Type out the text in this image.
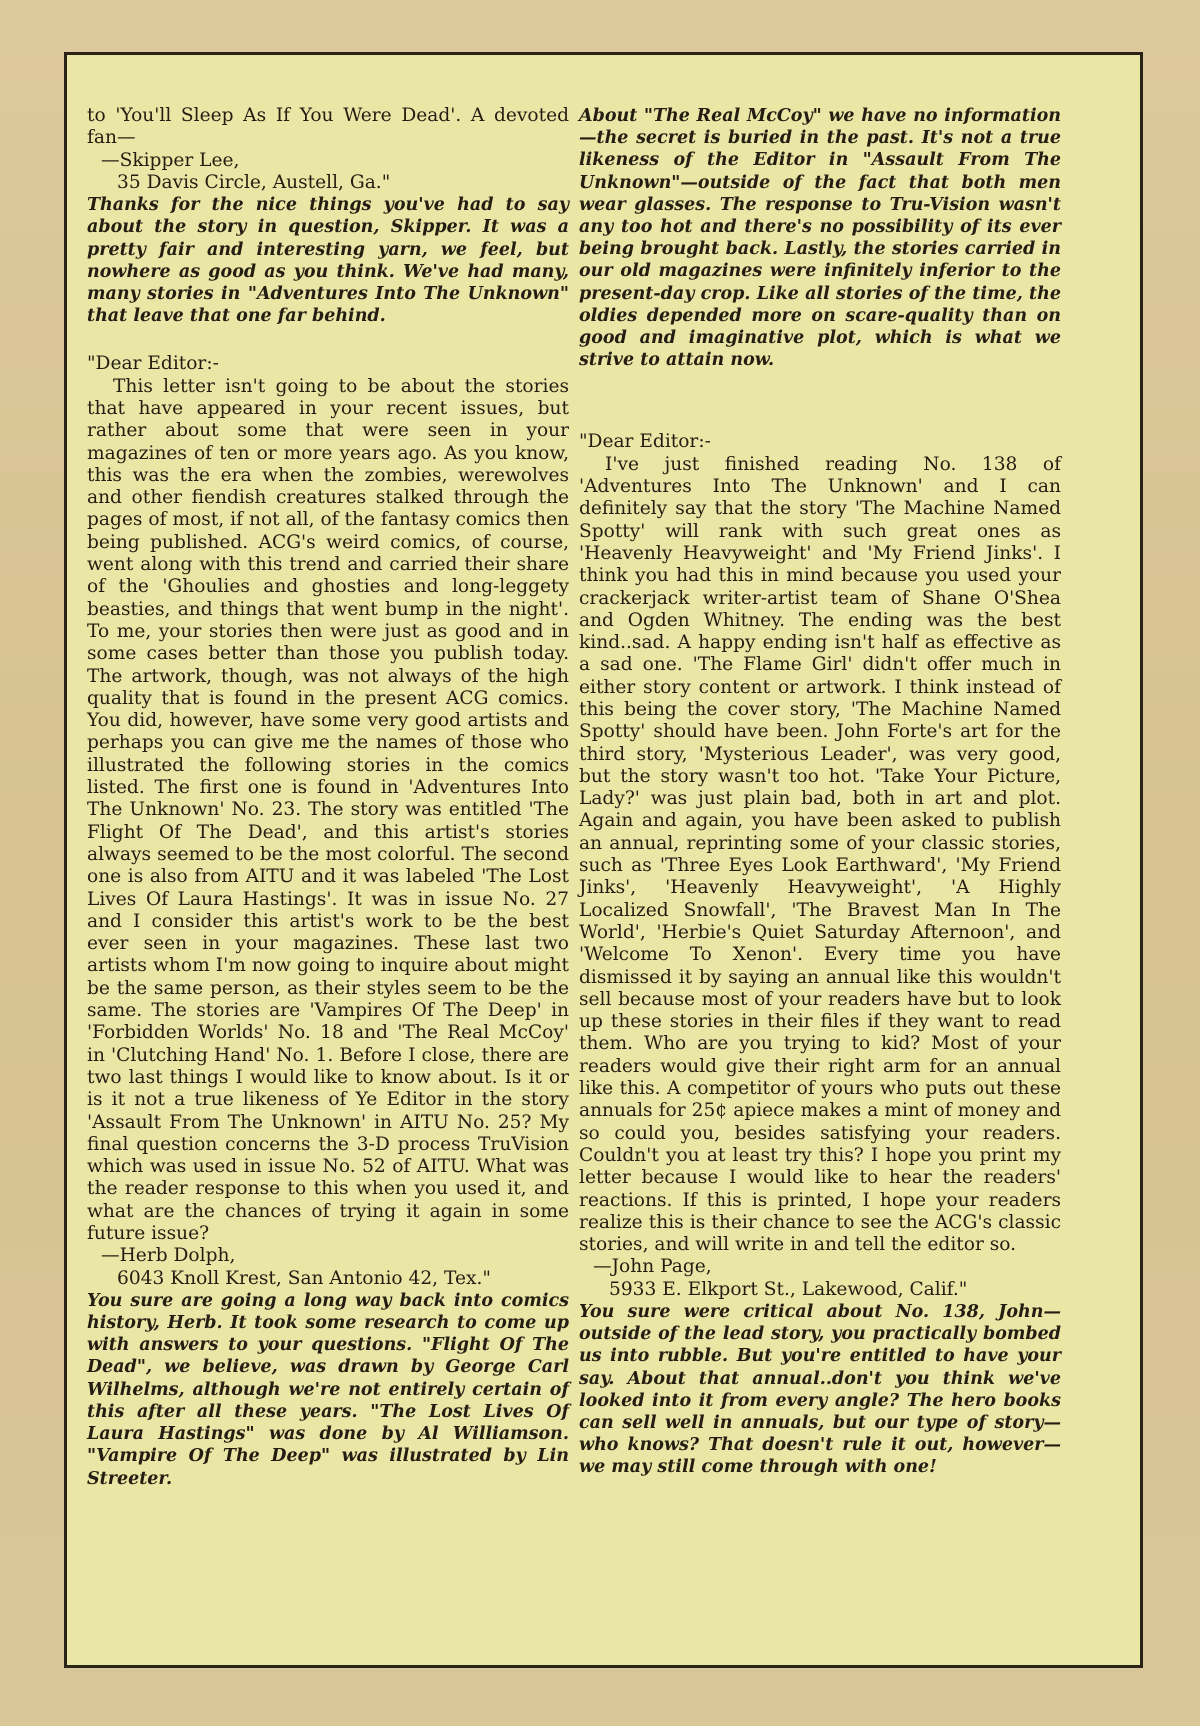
to 'You'll Sleep As If You Were Dead'. A devoted fan—

—Skipper Lee,

35 Davis Circle, Austell, Ga."

Thanks for the nice things you've had to say about the story in question, Skipper. It was a pretty fair and interesting yarn, we feel, but nowhere as good as you think. We've had many, many stories in "Adventures Into The Unknown" that leave that one far behind.

"Dear Editor:-

This letter isn't going to be about the stories that have appeared in your recent issues, but rather about some that were seen in your magazines of ten or more years ago. As you know, this was the era when the zombies, werewolves and other fiendish creatures stalked through the pages of most, if not all, of the fantasy comics then being published. ACG's weird comics, of course, went along with this trend and carried their share of the 'Ghoulies and ghosties and long-leggety beasties, and things that went bump in the night'. To me, your stories then were just as good and in some cases better than those you publish today. The artwork, though, was not always of the high quality that is found in the present ACG comics. You did, however, have some very good artists and perhaps you can give me the names of those who illustrated the following stories in the comics listed. The first one is found in 'Adventures Into The Unknown' No. 23. The story was entitled 'The Flight Of The Dead', and this artist's stories always seemed to be the most colorful. The second one is also from AITU and it was labeled 'The Lost Lives Of Laura Hastings'. It was in issue No. 27 and I consider this artist's work to be the best ever seen in your magazines. These last two artists whom I'm now going to inquire about might be the same person, as their styles seem to be the same. The stories are 'Vampires Of The Deep' in 'Forbidden Worlds' No. 18 and 'The Real McCoy' in 'Clutching Hand' No. 1. Before I close, there are two last things I would like to know about. Is it or is it not a true likeness of Ye Editor in the story 'Assault From The Unknown' in AITU No. 25? My final question concerns the 3-D process TruVision which was used in issue No. 52 of AITU. What was the reader response to this when you used it, and what are the chances of trying it again in some future issue?

—Herb Dolph,

6043 Knoll Krest, San Antonio 42, Tex."

You sure are going a long way back into comics history, Herb. It took some research to come up with answers to your questions. "Flight Of The Dead", we believe, was drawn by George Carl Wilhelms, although we're not entirely certain of this after all these years. "The Lost Lives Of Laura Hastings" was done by Al Williamson. "Vampire Of The Deep" was illustrated by Lin Streeter.

About "The Real McCoy" we have no information—the secret is buried in the past. It's not a true likeness of the Editor in "Assault From The Unknown"—outside of the fact that both men wear glasses. The response to Tru-Vision wasn't any too hot and there's no possibility of its ever being brought back. Lastly, the stories carried in our old magazines were infinitely inferior to the present-day crop. Like all stories of the time, the oldies depended more on scare-quality than on good and imaginative plot, which is what we strive to attain now.

"Dear Editor:-

I've just finished reading No. 138 of 'Adventures Into The Unknown' and I can definitely say that the story 'The Machine Named Spotty' will rank with such great ones as 'Heavenly Heavyweight' and 'My Friend Jinks'. I think you had this in mind because you used your crackerjack writer-artist team of Shane O'Shea and Ogden Whitney. The ending was the best kind..sad. A happy ending isn't half as effective as a sad one. 'The Flame Girl' didn't offer much in either story content or artwork. I think instead of this being the cover story, 'The Machine Named Spotty' should have been. John Forte's art for the third story, 'Mysterious Leader', was very good, but the story wasn't too hot. 'Take Your Picture, Lady?' was just plain bad, both in art and plot. Again and again, you have been asked to publish an annual, reprinting some of your classic stories, such as 'Three Eyes Look Earthward', 'My Friend Jinks', 'Heavenly Heavyweight', 'A Highly Localized Snowfall', 'The Bravest Man In The World', 'Herbie's Quiet Saturday Afternoon', and 'Welcome To Xenon'. Every time you have dismissed it by saying an annual like this wouldn't sell because most of your readers have but to look up these stories in their files if they want to read them. Who are you trying to kid? Most of your readers would give their right arm for an annual like this. A competitor of yours who puts out these annuals for 25¢ apiece makes a mint of money and so could you, besides satisfying your readers. Couldn't you at least try this? I hope you print my letter because I would like to hear the readers' reactions. If this is printed, I hope your readers realize this is their chance to see the ACG's classic stories, and will write in and tell the editor so.

—John Page,

5933 E. Elkport St., Lakewood, Calif."

You sure were critical about No. 138, John—outside of the lead story, you practically bombed us into rubble. But you're entitled to have your say. About that annual..don't you think we've looked into it from every angle? The hero books can sell well in annuals, but our type of story—who knows? That doesn't rule it out, however—we may still come through with one!
